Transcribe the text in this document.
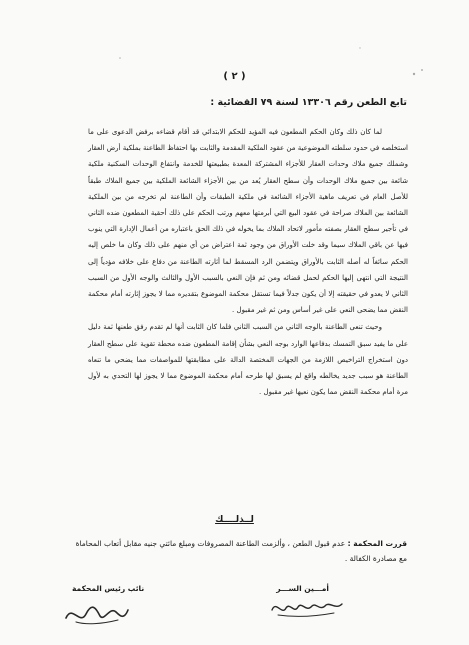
( ٢ )
تابع الطعن رقم ١٣٣٠٦ لسنة ٧٩ القضائية :

لما كان ذلك وكان الحكم المطعون فيه المؤيد للحكم الابتدائي قد أقام قضاءه برفض الدعوى على ما استخلصه في حدود سلطته الموضوعية من عقود الملكية المقدمة والثابت بها احتفاظ الطاعنة بملكية أرض العقار وشملك جميع ملاك وحدات العقار للأجزاء المشتركة المعدة بطبيعتها للخدمة وانتفاع الوحدات السكنية ملكية شائعة بين جميع ملاك الوحدات وأن سطح العقار يُعد من بين الأجزاء الشائعة الملكية بين جميع الملاك طبقاً للأصل العام في تعريف ماهية الأجزاء الشائعة في ملكية الطبقات وأن الطاعنة لم تخرجه من بين الملكية الشائعة بين الملاك صراحة في عقود البيع التي أبرمتها معهم ورتب الحكم على ذلك أحقية المطعون ضده الثاني في تأجير سطح العقار بصفته مأمور لاتحاد الملاك بما يخوله في ذلك الحق باعتباره من أعمال الإدارة التي ينوب فيها عن باقي الملاك سيما وقد خلت الأوراق من وجود ثمة اعتراض من أي منهم على ذلك وكان ما خلص إليه الحكم سائغاً له أصله الثابت بالأوراق ويتضمن الرد المسقط لما أثارته الطاعنة من دفاع على خلافه مؤدياً إلى النتيجة التي انتهى إليها الحكم لحمل قضائه ومن ثم فإن النعي بالسبب الأول والثالث والوجه الأول من السبب الثاني لا يعدو في حقيقته إلا أن يكون جدلاً فيما تستقل محكمة الموضوع بتقديره مما لا يجوز إثارته أمام محكمة النقض مما يضحى النعي على غير أساس ومن ثم غير مقبول .

وحيث تنعى الطاعنة بالوجه الثاني من السبب الثاني فلما كان الثابت أنها لم تقدم رفق طعنها ثمة دليل على ما يفيد سبق التمسك بدفاعها الوارد بوجه النعي بشأن إقامة المطعون ضده محطة تقوية على سطح العقار دون استخراج التراخيص اللازمة من الجهات المختصة الدالة على مطابقتها للمواصفات مما يضحي ما تنعاه الطاعنة هو سبب جديد يخالطه واقع لم يسبق لها طرحه أمام محكمة الموضوع مما لا يجوز لها التحدي به لأول مرة أمام محكمة النقض مما يكون نعيها غير مقبول .

لــذلــــك
قررت المحكمة : عدم قبول الطعن ، وألزمت الطاعنة المصروفات ومبلغ مائتي جنيه مقابل أتعاب المحاماة مع مصادرة الكفالة .
أمـــين الســـر
نائب رئيس المحكمة
